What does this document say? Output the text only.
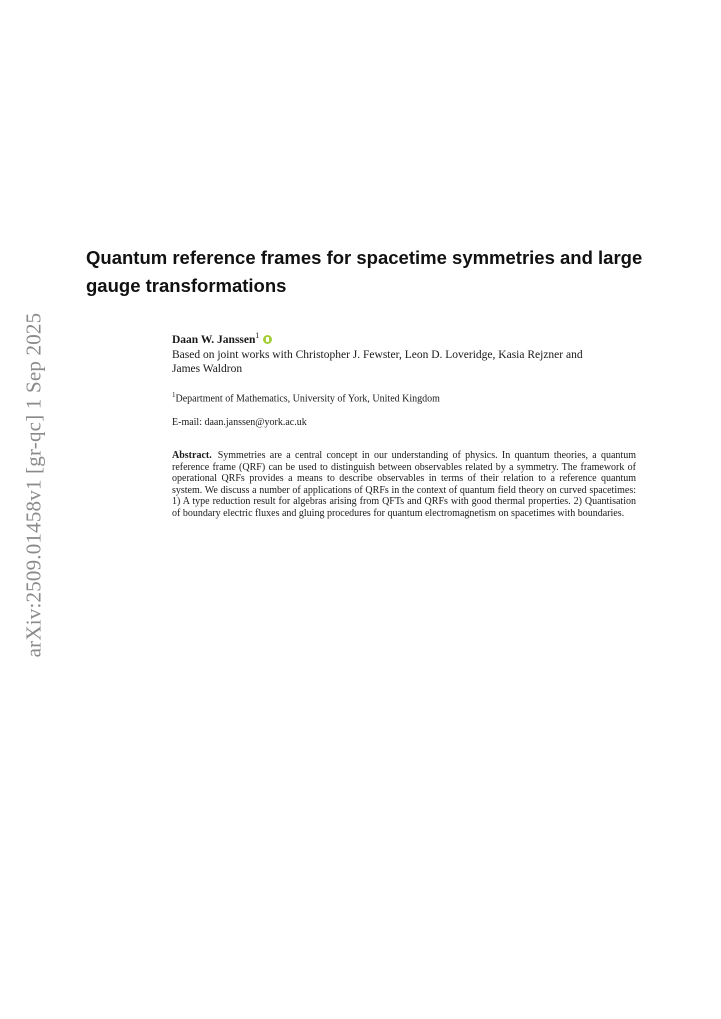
arXiv:2509.01458v1 [gr-qc] 1 Sep 2025
Quantum reference frames for spacetime symmetries and large gauge transformations
Daan W. Janssen$^1$
Based on joint works with Christopher J. Fewster, Leon D. Loveridge, Kasia Rejzner and James Waldron
$^1$Department of Mathematics, University of York, United Kingdom
E-mail: daan.janssen@york.ac.uk
Abstract. Symmetries are a central concept in our understanding of physics. In quantum theories, a quantum reference frame (QRF) can be used to distinguish between observables related by a symmetry. The framework of operational QRFs provides a means to describe observables in terms of their relation to a reference quantum system. We discuss a number of applications of QRFs in the context of quantum field theory on curved spacetimes: 1) A type reduction result for algebras arising from QFTs and QRFs with good thermal properties. 2) Quantisation of boundary electric fluxes and gluing procedures for quantum electromagnetism on spacetimes with boundaries.
